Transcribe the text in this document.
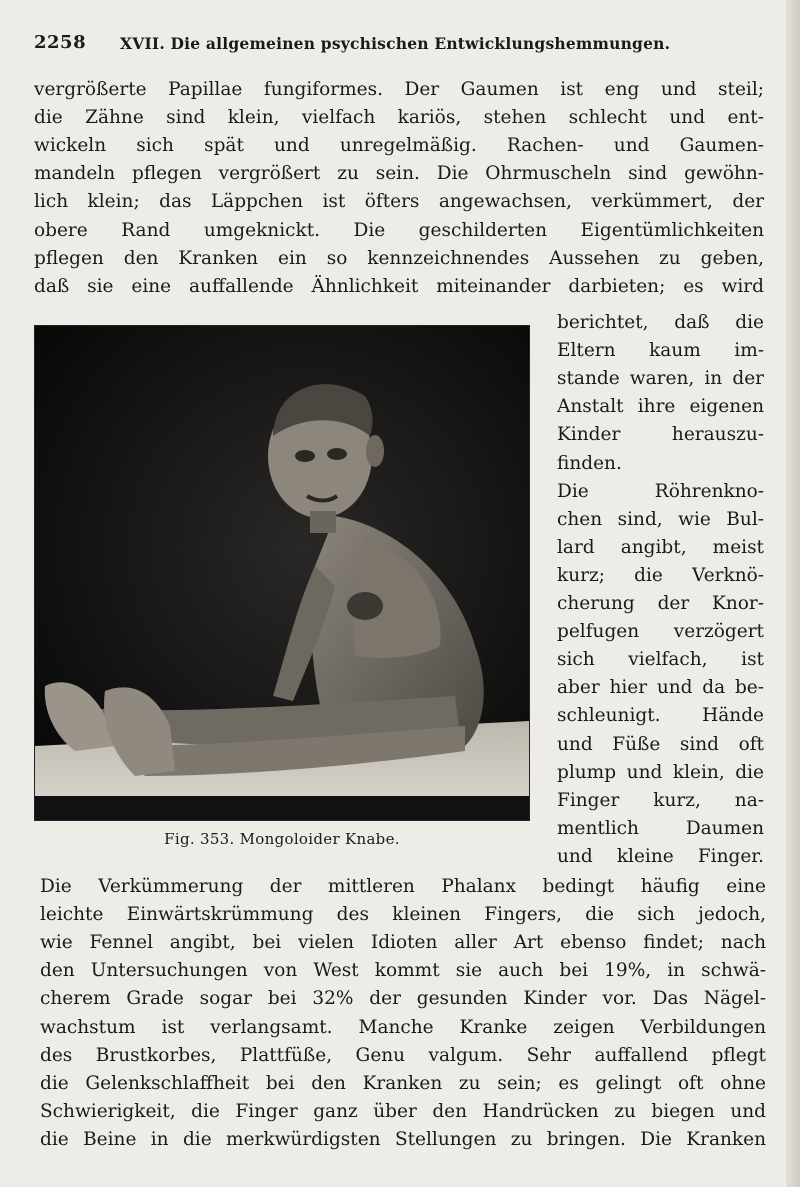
2258 XVII. Die allgemeinen psychischen Entwicklungshemmungen.
vergrößerte Papillae fungiformes. Der Gaumen ist eng und steil;
die Zähne sind klein, vielfach kariös, stehen schlecht und ent-
wickeln sich spät und unregelmäßig. Rachen- und Gaumen-
mandeln pflegen vergrößert zu sein. Die Ohrmuscheln sind gewöhn-
lich klein; das Läppchen ist öfters angewachsen, verkümmert, der
obere Rand umgeknickt. Die geschilderten Eigentümlichkeiten
pflegen den Kranken ein so kennzeichnendes Aussehen zu geben,
daß sie eine auffallende Ähnlichkeit miteinander darbieten; es wird
Fig. 353. Mongoloider Knabe.
berichtet, daß die
Eltern kaum im-
stande waren, in der
Anstalt ihre eigenen
Kinder herauszu-
finden.
Die Röhrenkno-
chen sind, wie Bul-
lard angibt, meist
kurz; die Verknö-
cherung der Knor-
pelfugen verzögert
sich vielfach, ist
aber hier und da be-
schleunigt. Hände
und Füße sind oft
plump und klein, die
Finger kurz, na-
mentlich Daumen
und kleine Finger.
Die Verkümmerung der mittleren Phalanx bedingt häufig eine
leichte Einwärtskrümmung des kleinen Fingers, die sich jedoch,
wie Fennel angibt, bei vielen Idioten aller Art ebenso findet; nach
den Untersuchungen von West kommt sie auch bei 19%, in schwä-
cherem Grade sogar bei 32% der gesunden Kinder vor. Das Nägel-
wachstum ist verlangsamt. Manche Kranke zeigen Verbildungen
des Brustkorbes, Plattfüße, Genu valgum. Sehr auffallend pflegt
die Gelenkschlaffheit bei den Kranken zu sein; es gelingt oft ohne
Schwierigkeit, die Finger ganz über den Handrücken zu biegen und
die Beine in die merkwürdigsten Stellungen zu bringen. Die Kranken
